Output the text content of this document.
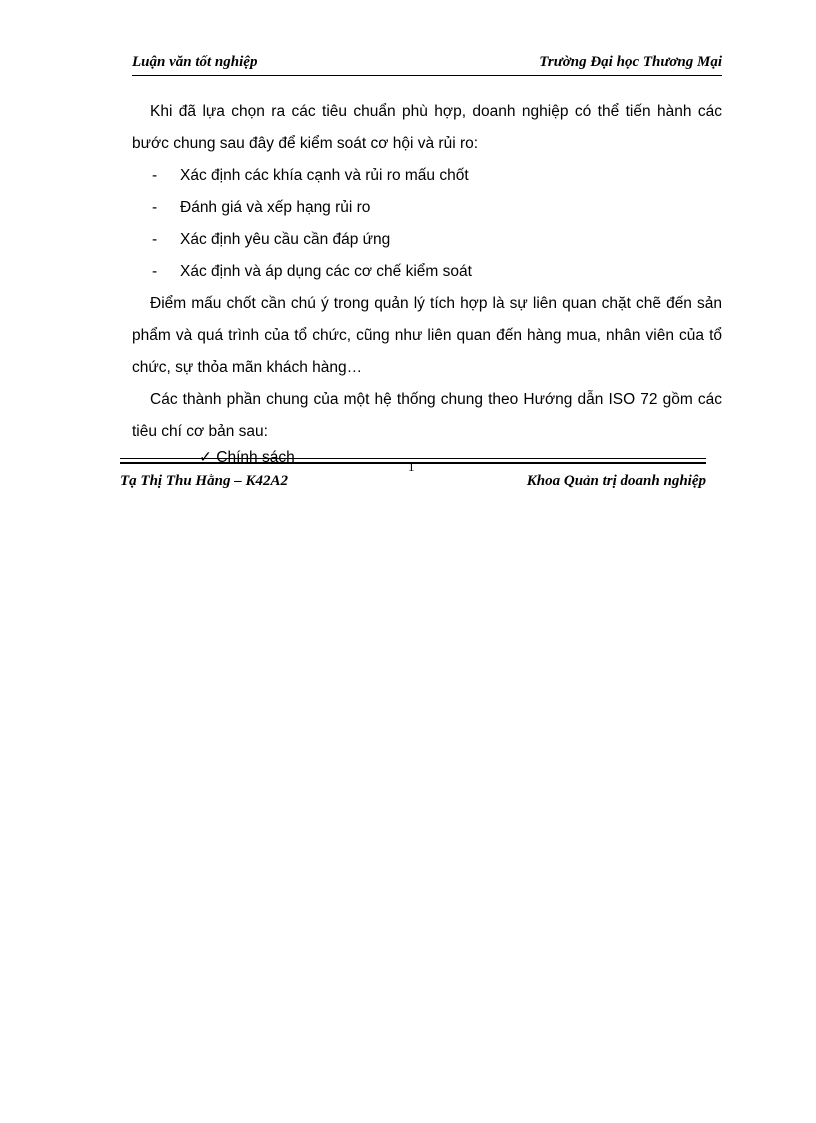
Luận văn tốt nghiệp	Trường Đại học Thương Mại

Khi đã lựa chọn ra các tiêu chuẩn phù hợp, doanh nghiệp có thể tiến hành các bước chung sau đây để kiểm soát cơ hội và rủi ro:

- Xác định các khía cạnh và rủi ro mấu chốt

- Đánh giá và xếp hạng rủi ro

- Xác định yêu cầu cần đáp ứng

- Xác định và áp dụng các cơ chế kiểm soát

Điểm mấu chốt cần chú ý trong quản lý tích hợp là sự liên quan chặt chẽ đến sản phẩm và quá trình của tổ chức, cũng như liên quan đến hàng mua, nhân viên của tổ chức, sự thỏa mãn khách hàng…

Các thành phần chung của một hệ thống chung theo Hướng dẫn ISO 72 gồm các tiêu chí cơ bản sau:

✓ Chính sách
1
Tạ Thị Thu Hằng – K42A2	Khoa Quản trị doanh nghiệp
